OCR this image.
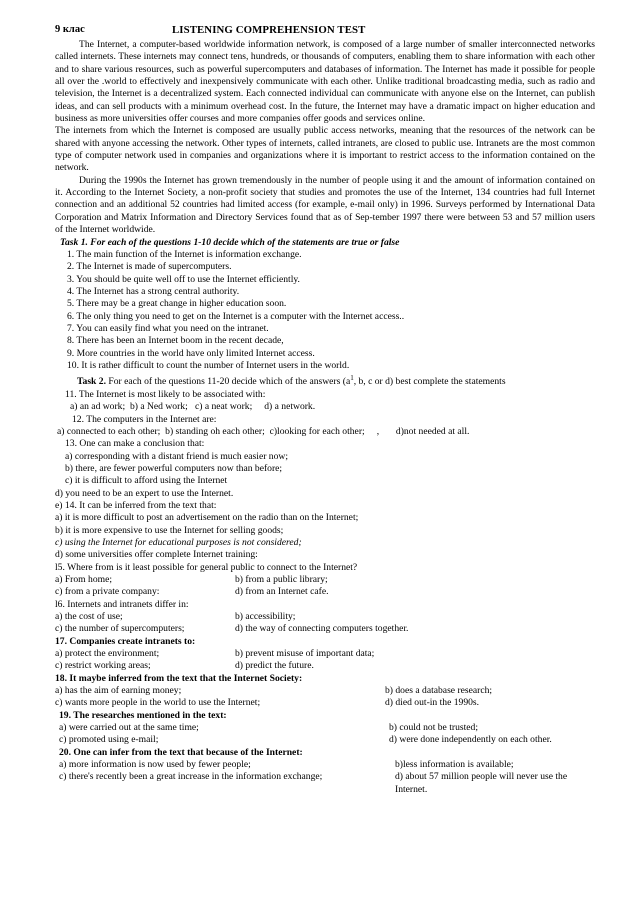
9 клас	LISTENING COMPREHENSION TEST

The Internet, a computer-based worldwide information network, is composed of a large number of smaller interconnected networks called internets. These internets may connect tens, hundreds, or thousands of computers, enabling them to share information with each other and to share various resources, such as powerful supercomputers and databases of information. The Internet has made it possible for people all over the .world to effectively and inexpensively communicate with each other. Unlike traditional broadcasting media, such as radio and television, the Internet is a decentralized system. Each connected individual can communicate with anyone else on the Internet, can publish ideas, and can sell products with a minimum overhead cost. In the future, the Internet may have a dramatic impact on higher education and business as more universities offer courses and more companies offer goods and services online.

The internets from which the Internet is composed are usually public access networks, meaning that the resources of the network can be shared with anyone accessing the network. Other types of internets, called intranets, are closed to public use. Intranets are the most common type of computer network used in companies and organizations where it is important to restrict access to the information contained on the network.

During the 1990s the Internet has grown tremendously in the number of people using it and the amount of information contained on it. According to the Internet Society, a non-profit society that studies and promotes the use of the Internet, 134 countries had full Internet connection and an additional 52 countries had limited access (for example, e-mail only) in 1996. Surveys performed by International Data Corporation and Matrix Information and Directory Services found that as of Sep-tember 1997 there were between 53 and 57 million users of the Internet worldwide.

Task 1. For each of the questions 1-10 decide which of the statements are true or false
1. The main function of the Internet is information exchange.
2. The Internet is made of supercomputers.
3. You should be quite well off to use the Internet efficiently.
4. The Internet has a strong central authority.
5. There may be a great change in higher education soon.
6. The only thing you need to get on the Internet is a computer with the Internet access..
7. You can easily find what you need on the intranet.
8. There has been an Internet boom in the recent decade,
9. More countries in the world have only limited Internet access.
10. It is rather difficult to count the number of Internet users in the world.
Task 2. For each of the questions 11-20 decide which of the answers ($a^1$, b, c or d) best complete the statements
11. The Internet is most likely to be associated with:
a) an ad work; b) a Ned work; c) a neat work; d) a network.
12. The computers in the Internet are:
a) connected to each other; b) standing oh each other; c)looking for each other; , d)not needed at all.
13. One can make a conclusion that:
a) corresponding with a distant friend is much easier now;
b) there, are fewer powerful computers now than before;
c) it is difficult to afford using the Internet
d) you need to be an expert to use the Internet.
e) 14. It can be inferred from the text that:
a) it is more difficult to post an advertisement on the radio than on the Internet;
b) it is more expensive to use the Internet for selling goods;
c) using the Internet for educational purposes is not considered;
d) some universities offer complete Internet training:
l5. Where from is it least possible for general public to connect to the Internet?
a) From home;	b) from a public library;
c) from a private company:	d) from an Internet cafe.
l6. Internets and intranets differ in:
a) the cost of use;	b) accessibility;
c) the number of supercomputers;	d) the way of connecting computers together.
17. Companies create intranets to:
a) protect the environment;	b) prevent misuse of important data;
c) restrict working areas;	d) predict the future.
18. It maybe inferred from the text that the Internet Society:
a) has the aim of earning money;	b) does a database research;
c) wants more people in the world to use the Internet;	d) died out-in the 1990s.
19. The researches mentioned in the text:
a) were carried out at the same time;	b) could not be trusted;
c) promoted using e-mail;	d) were done independently on each other.
20. One can infer from the text that because of the Internet:
a) more information is now used by fewer people;	b)less information is available;
c) there's recently been a great increase in the information exchange;	d) about 57 million people will never use the Internet.
